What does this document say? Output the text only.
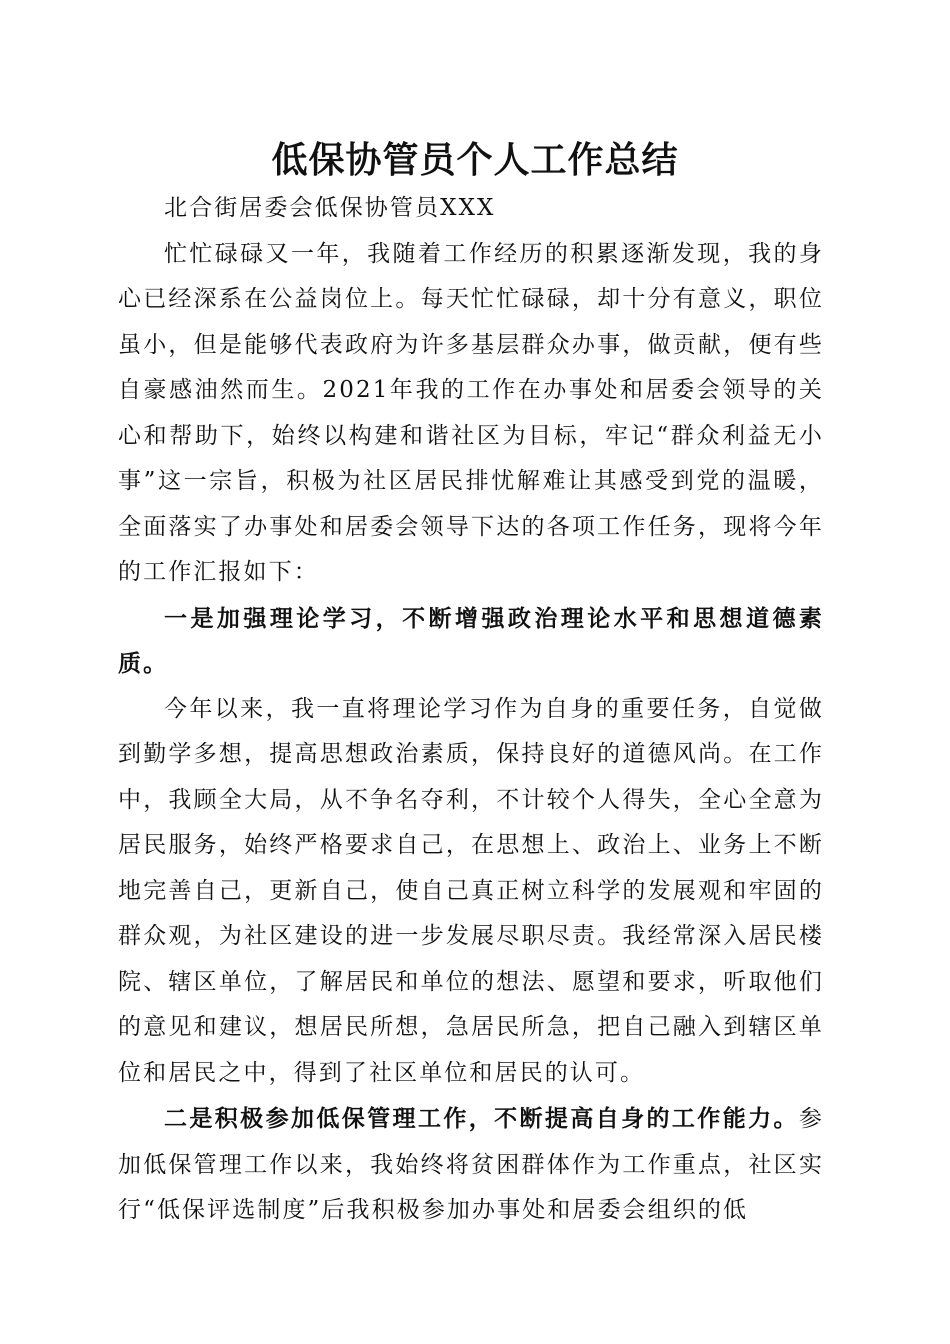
低保协管员个人工作总结

北合街居委会低保协管员XXX

忙忙碌碌又一年，我随着工作经历的积累逐渐发现，我的身心已经深系在公益岗位上。每天忙忙碌碌，却十分有意义，职位虽小，但是能够代表政府为许多基层群众办事，做贡献，便有些自豪感油然而生。2021年我的工作在办事处和居委会领导的关心和帮助下，始终以构建和谐社区为目标，牢记“群众利益无小事”这一宗旨，积极为社区居民排忧解难让其感受到党的温暖，全面落实了办事处和居委会领导下达的各项工作任务，现将今年的工作汇报如下：

一是加强理论学习，不断增强政治理论水平和思想道德素质。

今年以来，我一直将理论学习作为自身的重要任务，自觉做到勤学多想，提高思想政治素质，保持良好的道德风尚。在工作中，我顾全大局，从不争名夺利，不计较个人得失，全心全意为居民服务，始终严格要求自己，在思想上、政治上、业务上不断地完善自己，更新自己，使自己真正树立科学的发展观和牢固的群众观，为社区建设的进一步发展尽职尽责。我经常深入居民楼院、辖区单位，了解居民和单位的想法、愿望和要求，听取他们的意见和建议，想居民所想，急居民所急，把自己融入到辖区单位和居民之中，得到了社区单位和居民的认可。

二是积极参加低保管理工作，不断提高自身的工作能力。参加低保管理工作以来，我始终将贫困群体作为工作重点，社区实行“低保评选制度”后我积极参加办事处和居委会组织的低
